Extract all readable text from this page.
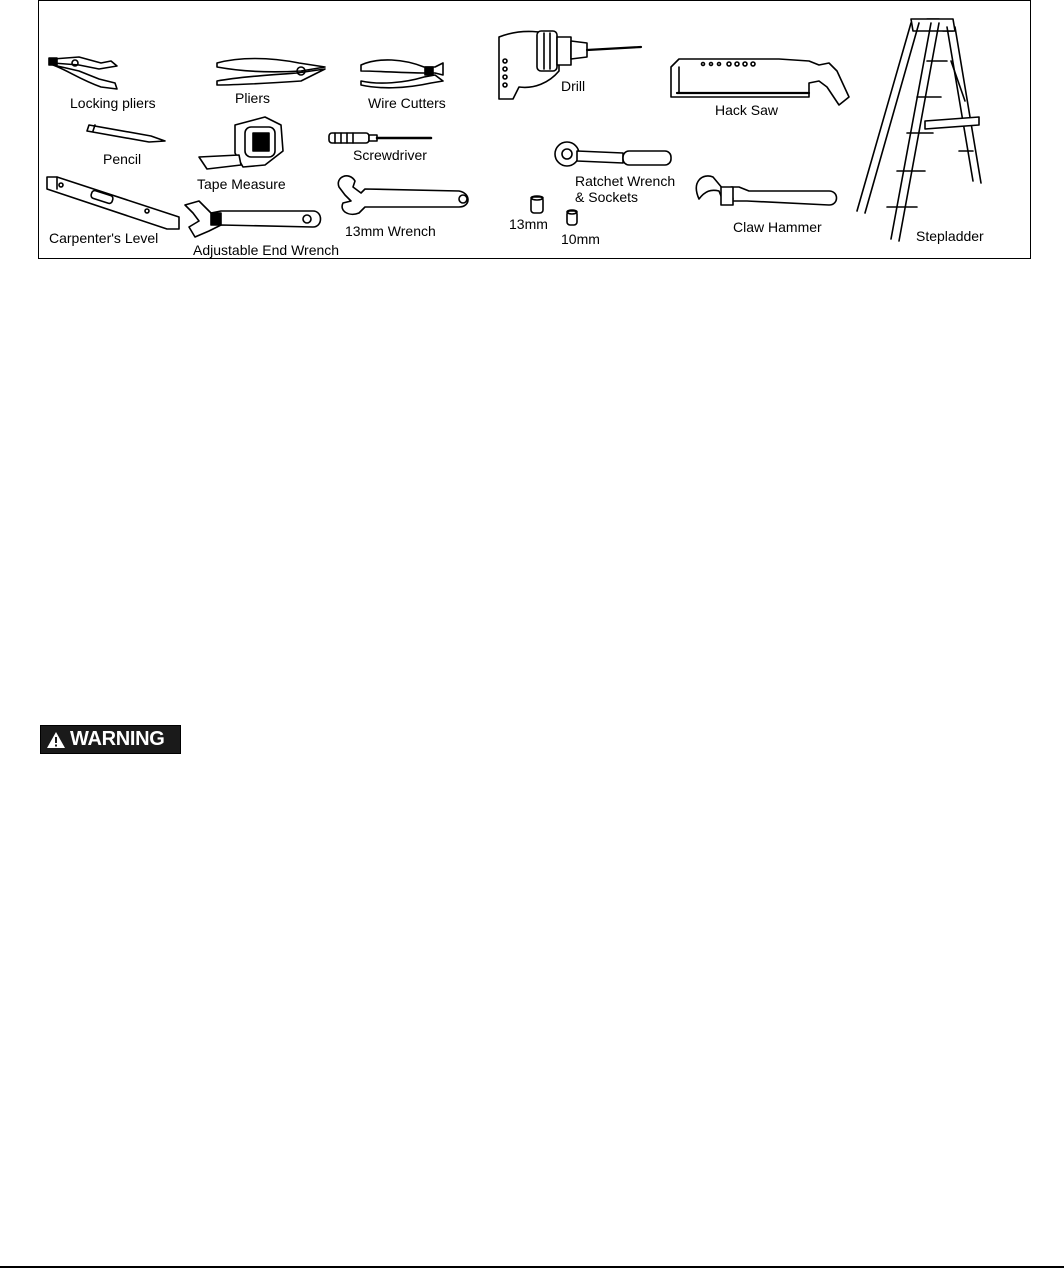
Locking pliers	Pliers	Wire Cutters
Drill
Hack Saw
Pencil
Tape Measure
Screwdriver
Ratchet Wrench
& Sockets
Carpenter's Level
Adjustable End Wrench
13mm Wrench	13mm
10mm
Claw Hammer
Stepladder
WARNING
